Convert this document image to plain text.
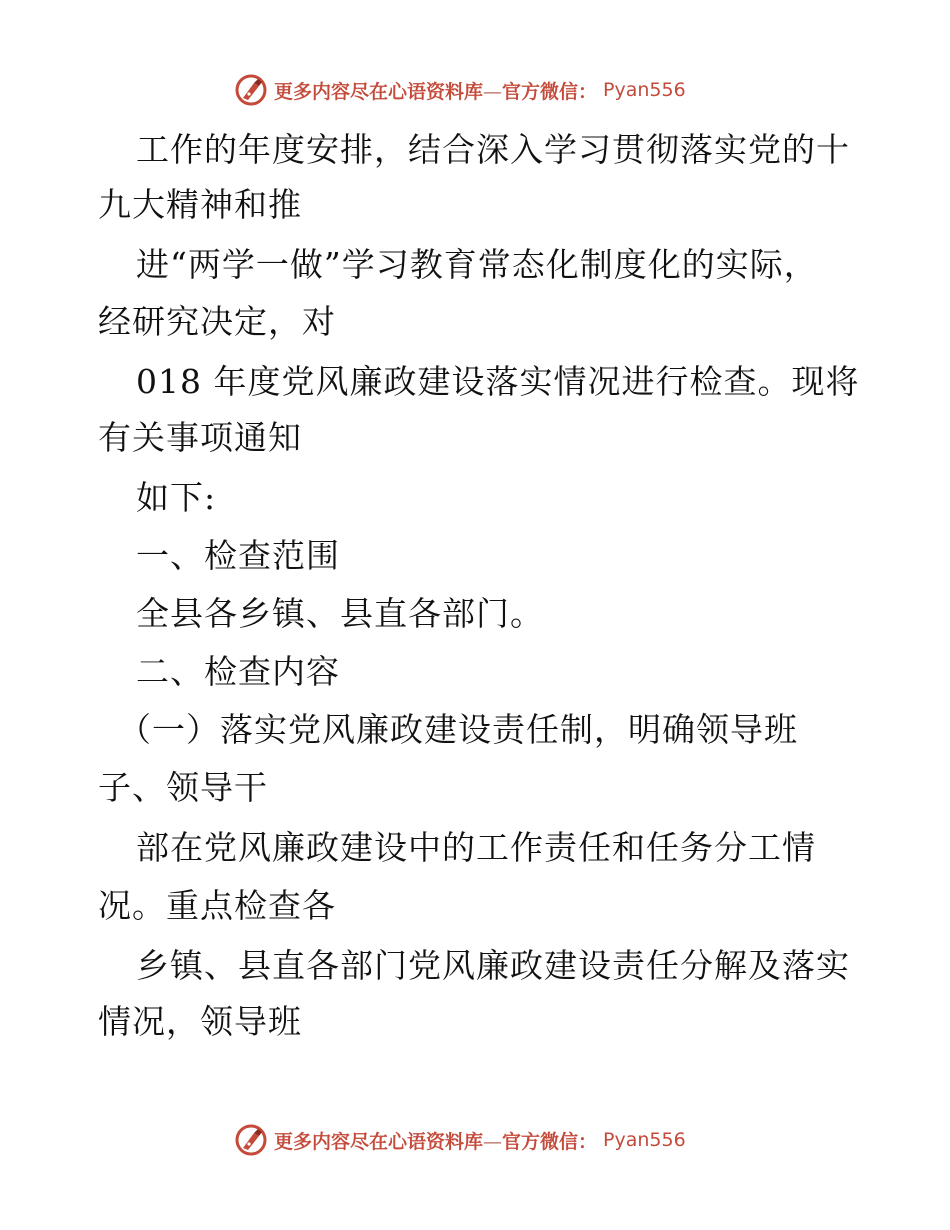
更多内容尽在心语资料库—官方微信： Pyan556
工作的年度安排，结合深入学习贯彻落实党的十
九大精神和推
进“两学一做”学习教育常态化制度化的实际，
经研究决定，对
018 年度党风廉政建设落实情况进行检查。现将
有关事项通知
如下:
一、检查范围
全县各乡镇、县直各部门。
二、检查内容
（一）落实党风廉政建设责任制，明确领导班
子、领导干
部在党风廉政建设中的工作责任和任务分工情
况。重点检查各
乡镇、县直各部门党风廉政建设责任分解及落实
情况，领导班
更多内容尽在心语资料库—官方微信： Pyan556
